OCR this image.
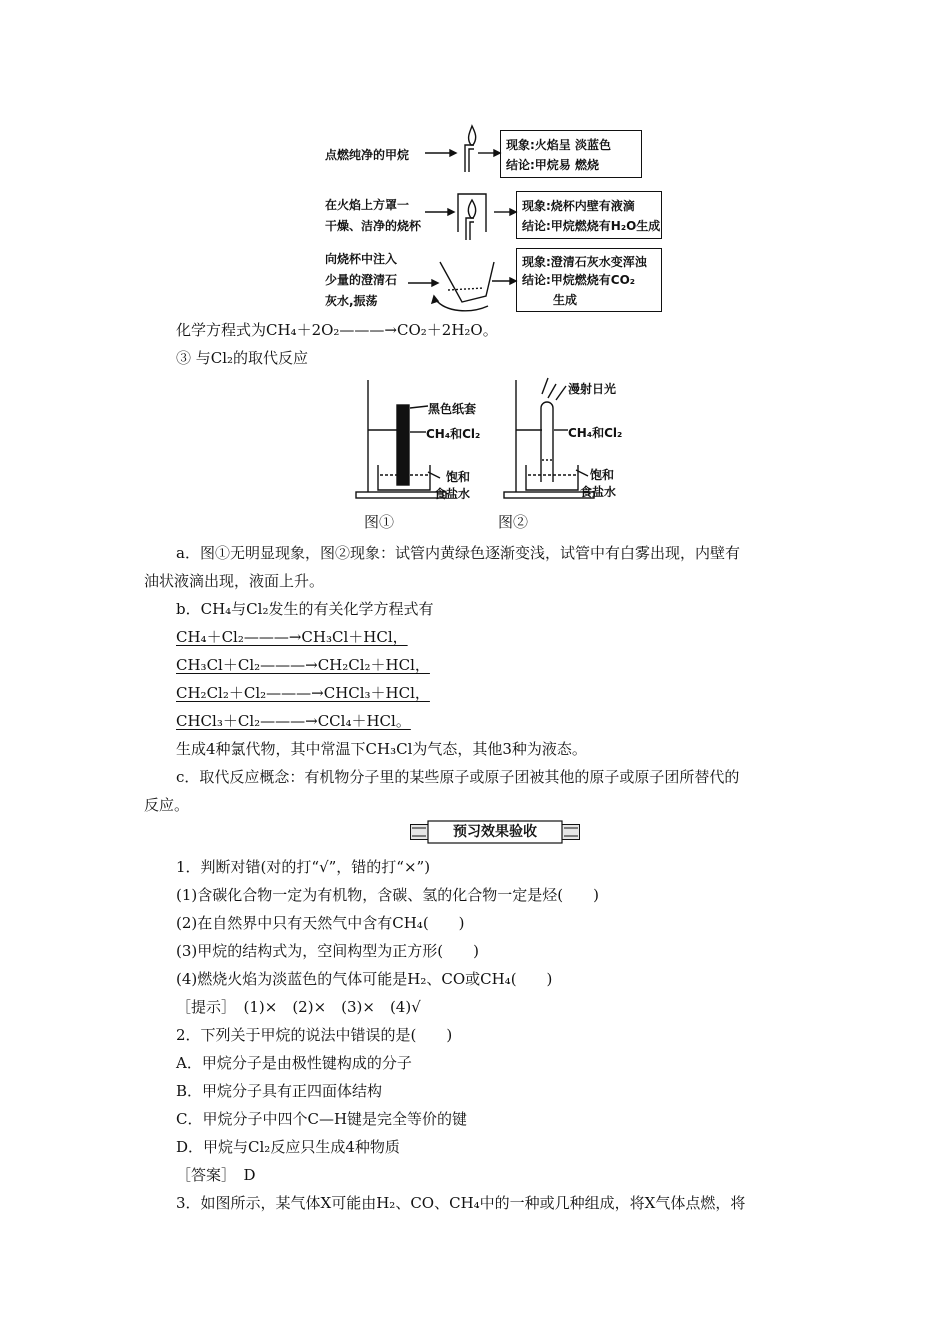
点燃纯净的甲烷
现象:火焰呈 淡蓝色
结论:甲烷易 燃烧
在火焰上方罩一
干燥、洁净的烧杯
现象:烧杯内壁有液滴
结论:甲烷燃烧有H₂O生成
向烧杯中注入
少量的澄清石
灰水,振荡
现象:澄清石灰水变浑浊
结论:甲烷燃烧有CO₂
生成
化学方程式为CH₄＋2O₂———→CO₂＋2H₂O。
③ 与Cl₂的取代反应
黑色纸套
CH₄和Cl₂
饱和
食盐水
漫射日光
CH₄和Cl₂
饱和
食盐水
图①	图②
a．图①无明显现象，图②现象：试管内黄绿色逐渐变浅，试管中有白雾出现，内壁有
油状液滴出现，液面上升。
b．CH₄与Cl₂发生的有关化学方程式有
CH₄＋Cl₂———→CH₃Cl＋HCl，
CH₃Cl＋Cl₂———→CH₂Cl₂＋HCl，
CH₂Cl₂＋Cl₂———→CHCl₃＋HCl，
CHCl₃＋Cl₂———→CCl₄＋HCl。
生成4种氯代物，其中常温下CH₃Cl为气态，其他3种为液态。
c．取代反应概念：有机物分子里的某些原子或原子团被其他的原子或原子团所替代的
反应。
预习效果验收
1．判断对错(对的打“√”，错的打“×”)
(1)含碳化合物一定为有机物，含碳、氢的化合物一定是烃(　　)
(2)在自然界中只有天然气中含有CH₄(　　)
(3)甲烷的结构式为，空间构型为正方形(　　)
(4)燃烧火焰为淡蓝色的气体可能是H₂、CO或CH₄(　　)
［提示］　(1)×　(2)×　(3)×　(4)√
2．下列关于甲烷的说法中错误的是(　　)
A．甲烷分子是由极性键构成的分子
B．甲烷分子具有正四面体结构
C．甲烷分子中四个C—H键是完全等价的键
D．甲烷与Cl₂反应只生成4种物质
［答案］　D
3．如图所示，某气体X可能由H₂、CO、CH₄中的一种或几种组成，将X气体点燃，将
